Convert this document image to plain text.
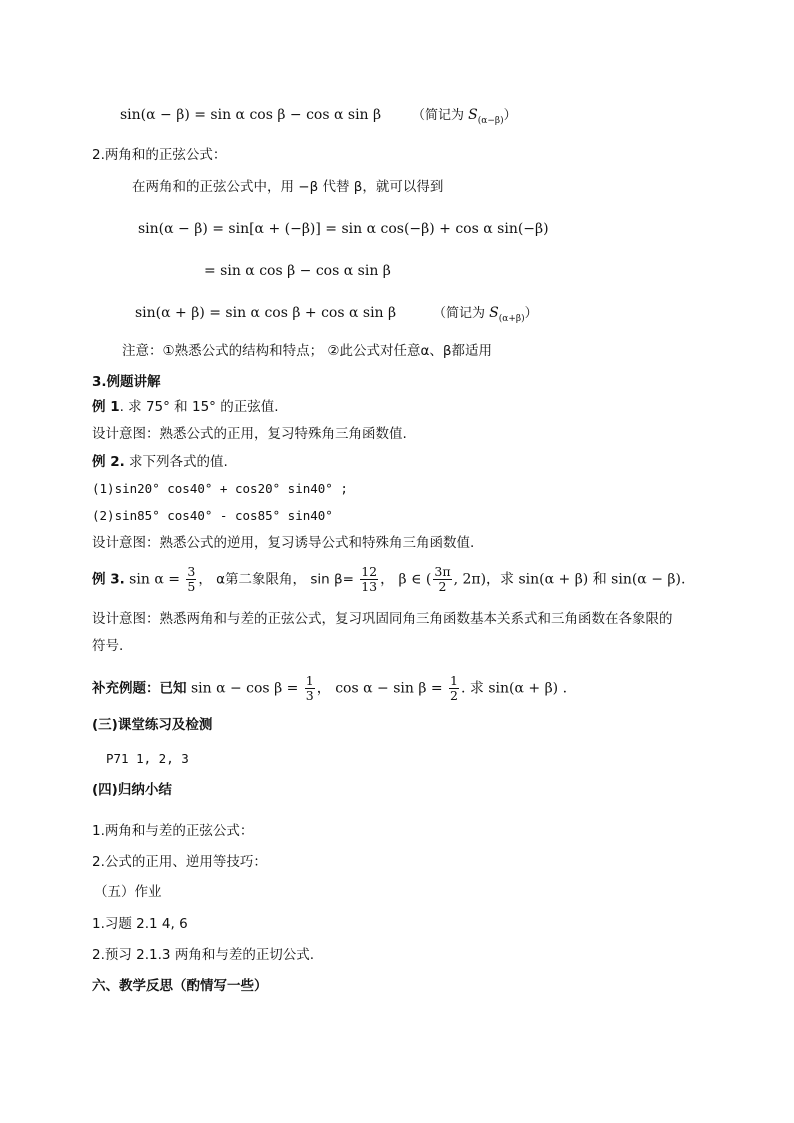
sin(α − β) = sin α cos β − cos α sin β （简记为 $S_{(\alpha-\beta)}$）
2.两角和的正弦公式：
在两角和的正弦公式中，用 −β 代替 β，就可以得到
sin(α − β) = sin[α + (−β)] = sin α cos(−β) + cos α sin(−β)
= sin α cos β − cos α sin β
sin(α + β) = sin α cos β + cos α sin β	（简记为 $S_{(\alpha+\beta)}$）
注意：①熟悉公式的结构和特点； ②此公式对任意α、β都适用
3.例题讲解
例 1. 求 75° 和 15° 的正弦值.
设计意图：熟悉公式的正用，复习特殊角三角函数值.
例 2. 求下列各式的值.
(1)sin20° cos40° + cos20° sin40° ;
(2)sin85° cos40° - cos85° sin40°
设计意图：熟悉公式的逆用，复习诱导公式和特殊角三角函数值.
例 3. $\sin \alpha = \frac{3}{5}$ ， α第二象限角， $\sin \beta= \frac{12}{13}$ ， β ∈ ( $\frac{3\pi}{2}$ , 2π)，求 sin(α + β) 和 sin(α − β).
设计意图：熟悉两角和与差的正弦公式，复习巩固同角三角函数基本关系式和三角函数在各象限的
符号.
补充例题：已知 $\sin \alpha - \cos \beta = \frac{1}{3}$ ， $\cos \alpha - \sin \beta = \frac{1}{2}$ . 求 sin(α + β) .
(三)课堂练习及检测
P71 1, 2, 3
(四)归纳小结
1.两角和与差的正弦公式：
2.公式的正用、逆用等技巧：
（五）作业
1.习题 2.1 4, 6
2.预习 2.1.3 两角和与差的正切公式.
六、教学反思（酌情写一些）
